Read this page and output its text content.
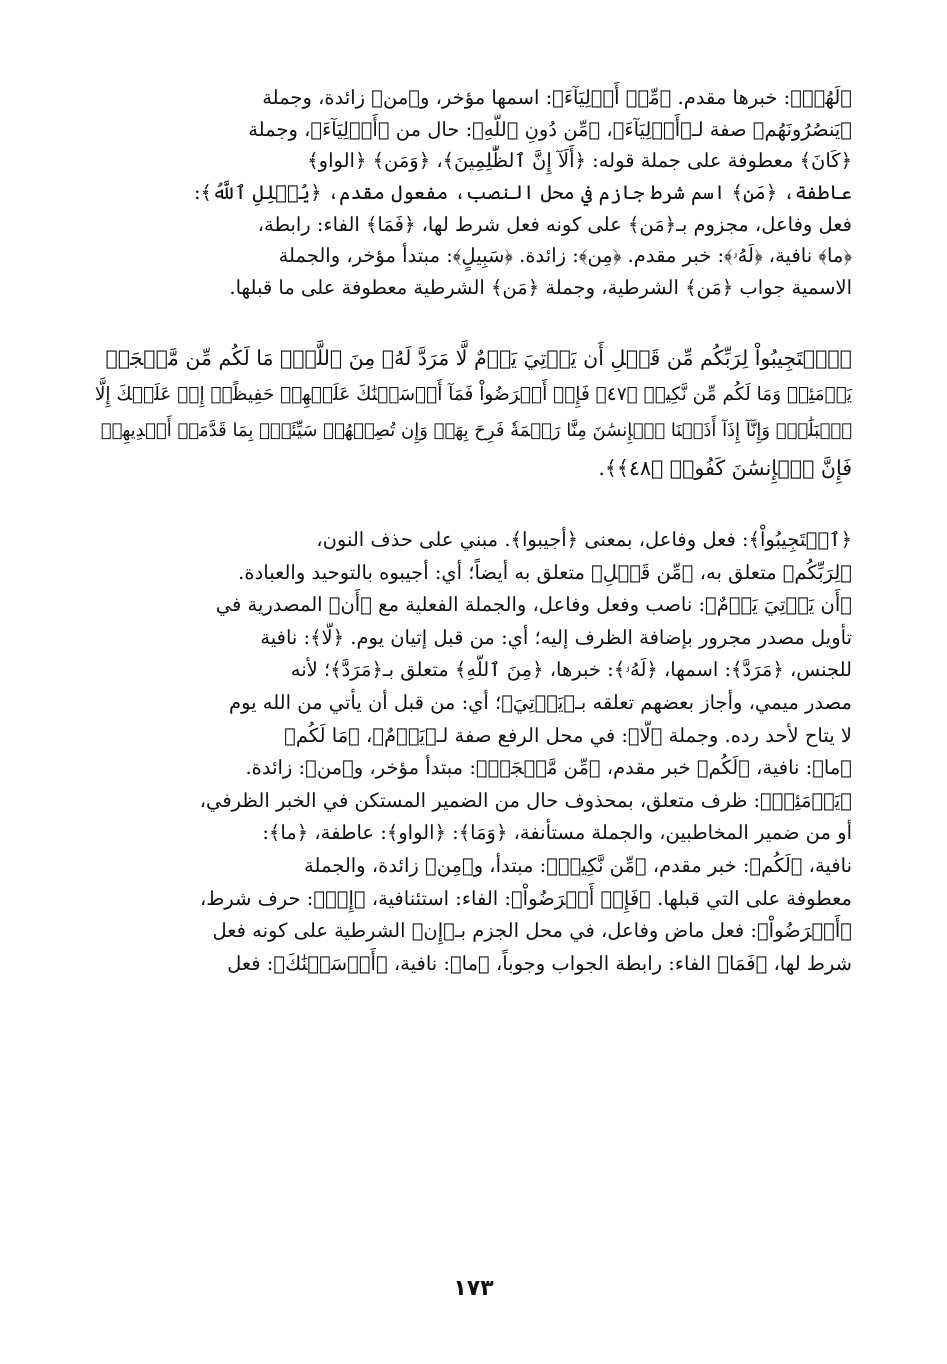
﴿لَهُمۡ﴾: خبرها مقدم. ﴿مِّنۡ أَوۡلِيَآءَ﴾: اسمها مؤخر، و﴿من﴾ زائدة، وجملة

﴿يَنصُرُونَهُم﴾ صفة لـ﴿أَوۡلِيَآءَ﴾، ﴿مِّن دُونِ ٱللَّهِ﴾: حال من ﴿أَوۡلِيَآءَ﴾، وجملة

﴿كَانَ﴾ معطوفة على جملة قوله: ﴿أَلَآ إِنَّ ٱلظَّٰلِمِينَ﴾، ﴿وَمَن﴾ ﴿الواو﴾

عاطفة، ﴿مَن﴾ اسم شرط جازم في محل النصب، مفعول مقدم، ﴿يُضۡلِلِ ٱللَّهُ﴾:

فعل وفاعل، مجزوم بـ﴿مَن﴾ على كونه فعل شرط لها، ﴿فَمَا﴾ الفاء: رابطة،

﴿ما﴾ نافية، ﴿لَهُۥ﴾: خبر مقدم. ﴿مِن﴾: زائدة. ﴿سَبِيلٍ﴾: مبتدأ مؤخر، والجملة

الاسمية جواب ﴿مَن﴾ الشرطية، وجملة ﴿مَن﴾ الشرطية معطوفة على ما قبلها.

﴿ٱسۡتَجِيبُواْ لِرَبِّكُم مِّن قَبۡلِ أَن يَأۡتِيَ يَوۡمٌ لَّا مَرَدَّ لَهُۥ مِنَ ٱللَّهِۚ مَا لَكُم مِّن مَّلۡجَإٖ

يَوۡمَئِذٖ وَمَا لَكُم مِّن نَّكِيرٖ ﴿٤٧﴾ فَإِنۡ أَعۡرَضُواْ فَمَآ أَرۡسَلۡنَٰكَ عَلَيۡهِمۡ حَفِيظًاۖ إِنۡ عَلَيۡكَ إِلَّا

ٱلۡبَلَٰغُۗ وَإِنَّآ إِذَآ أَذَقۡنَا ٱلۡإِنسَٰنَ مِنَّا رَحۡمَةٗ فَرِحَ بِهَاۖ وَإِن تُصِبۡهُمۡ سَيِّئَةُۢ بِمَا قَدَّمَتۡ أَيۡدِيهِمۡ

فَإِنَّ ٱلۡإِنسَٰنَ كَفُورٞ ﴿٤٨﴾﴾.

﴿ٱسۡتَجِيبُواْ﴾: فعل وفاعل، بمعنى ﴿أجيبوا﴾. مبني على حذف النون،

﴿لِرَبِّكُم﴾ متعلق به، ﴿مِّن قَبۡلِ﴾ متعلق به أيضاً؛ أي: أجيبوه بالتوحيد والعبادة.

﴿أَن يَأۡتِيَ يَوۡمٌ﴾: ناصب وفعل وفاعل، والجملة الفعلية مع ﴿أَن﴾ المصدرية في

تأويل مصدر مجرور بإضافة الظرف إليه؛ أي: من قبل إتيان يوم. ﴿لَّا﴾: نافية

للجنس، ﴿مَرَدَّ﴾: اسمها، ﴿لَهُۥ﴾: خبرها، ﴿مِنَ ٱللَّهِ﴾ متعلق بـ﴿مَرَدَّ﴾؛ لأنه

مصدر ميمي، وأجاز بعضهم تعلقه بـ﴿يَأۡتِيَ﴾؛ أي: من قبل أن يأتي من الله يوم

لا يتاح لأحد رده. وجملة ﴿لَّا﴾: في محل الرفع صفة لـ﴿يَوۡمٌ﴾، ﴿مَا لَكُم﴾

﴿ما﴾: نافية، ﴿لَكُم﴾ خبر مقدم، ﴿مِّن مَّلۡجَإٖ﴾: مبتدأ مؤخر، و﴿من﴾: زائدة.

﴿يَوۡمَئِذٖ﴾: ظرف متعلق، بمحذوف حال من الضمير المستكن في الخبر الظرفي،

أو من ضمير المخاطبين، والجملة مستأنفة، ﴿وَمَا﴾: ﴿الواو﴾: عاطفة، ﴿ما﴾:

نافية، ﴿لَكُم﴾: خبر مقدم، ﴿مِّن نَّكِيرٖ﴾: مبتدأ، و﴿مِن﴾ زائدة، والجملة

معطوفة على التي قبلها. ﴿فَإِنۡ أَعۡرَضُواْ﴾: الفاء: استئنافية، ﴿إِنۡ﴾: حرف شرط،

﴿أَعۡرَضُواْ﴾: فعل ماض وفاعل، في محل الجزم بـ﴿إِن﴾ الشرطية على كونه فعل

شرط لها، ﴿فَمَا﴾ الفاء: رابطة الجواب وجوباً، ﴿ما﴾: نافية، ﴿أَرۡسَلۡنَٰكَ﴾: فعل

١٧٣
